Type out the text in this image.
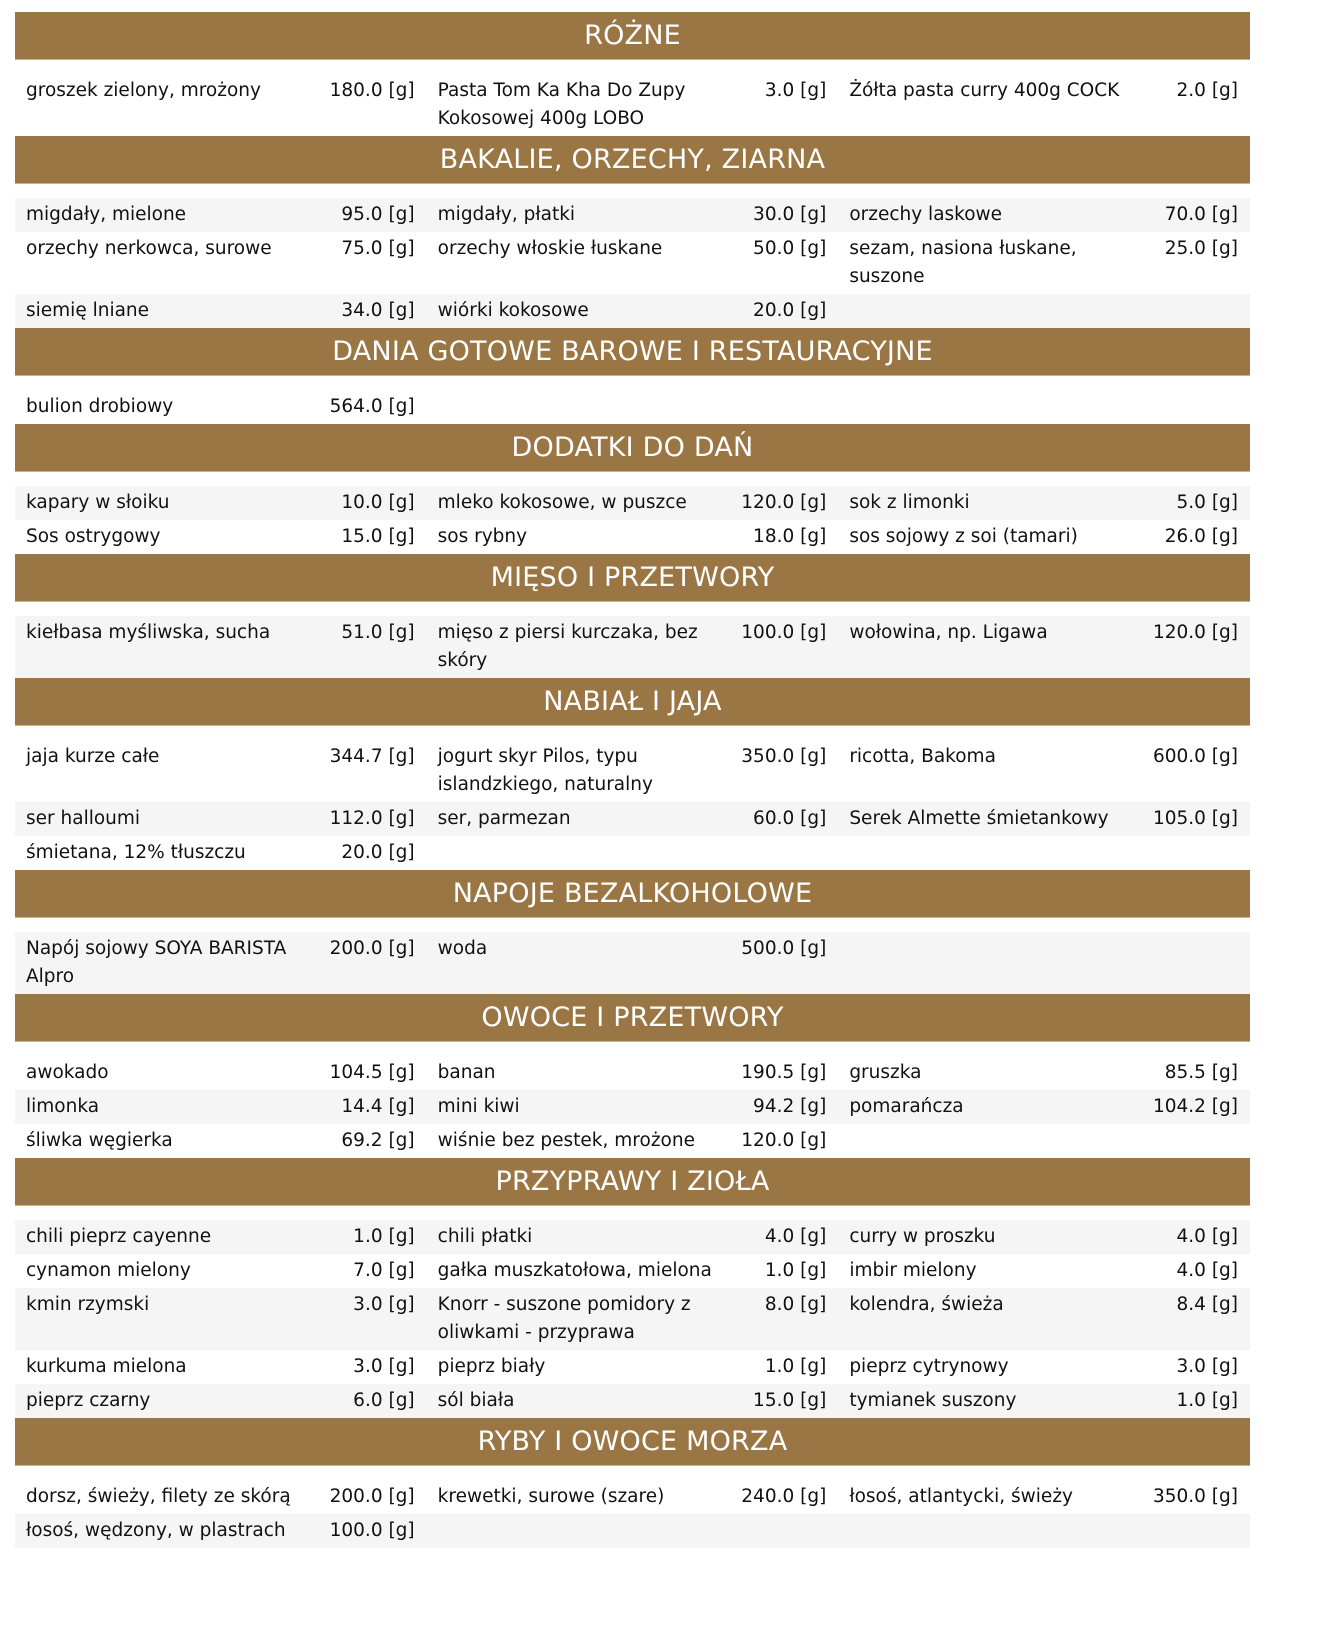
RÓŻNE					

groszek zielony, mrożony	180.0 [g]	Pasta Tom Ka Kha Do Zupy Kokosowej 400g LOBO	3.0 [g]	Żółta pasta curry 400g COCK	2.0 [g]
BAKALIE, ORZECHY, ZIARNA					

migdały, mielone	95.0 [g]	migdały, płatki	30.0 [g]	orzechy laskowe	70.0 [g]
orzechy nerkowca, surowe	75.0 [g]	orzechy włoskie łuskane	50.0 [g]	sezam, nasiona łuskane, suszone	25.0 [g]
siemię lniane	34.0 [g]	wiórki kokosowe	20.0 [g]		
DANIA GOTOWE BAROWE I RESTAURACYJNE					

bulion drobiowy	564.0 [g]				
DODATKI DO DAŃ					

kapary w słoiku	10.0 [g]	mleko kokosowe, w puszce	120.0 [g]	sok z limonki	5.0 [g]
Sos ostrygowy	15.0 [g]	sos rybny	18.0 [g]	sos sojowy z soi (tamari)	26.0 [g]
MIĘSO I PRZETWORY					

kiełbasa myśliwska, sucha	51.0 [g]	mięso z piersi kurczaka, bez skóry	100.0 [g]	wołowina, np. Ligawa	120.0 [g]
NABIAŁ I JAJA					

jaja kurze całe	344.7 [g]	jogurt skyr Pilos, typu islandzkiego, naturalny	350.0 [g]	ricotta, Bakoma	600.0 [g]
ser halloumi	112.0 [g]	ser, parmezan	60.0 [g]	Serek Almette śmietankowy	105.0 [g]
śmietana, 12% tłuszczu	20.0 [g]				
NAPOJE BEZALKOHOLOWE					

Napój sojowy SOYA BARISTA Alpro	200.0 [g]	woda	500.0 [g]		
OWOCE I PRZETWORY					

awokado	104.5 [g]	banan	190.5 [g]	gruszka	85.5 [g]
limonka	14.4 [g]	mini kiwi	94.2 [g]	pomarańcza	104.2 [g]
śliwka węgierka	69.2 [g]	wiśnie bez pestek, mrożone	120.0 [g]		
PRZYPRAWY I ZIOŁA					

chili pieprz cayenne	1.0 [g]	chili płatki	4.0 [g]	curry w proszku	4.0 [g]
cynamon mielony	7.0 [g]	gałka muszkatołowa, mielona	1.0 [g]	imbir mielony	4.0 [g]
kmin rzymski	3.0 [g]	Knorr - suszone pomidory z oliwkami - przyprawa	8.0 [g]	kolendra, świeża	8.4 [g]
kurkuma mielona	3.0 [g]	pieprz biały	1.0 [g]	pieprz cytrynowy	3.0 [g]
pieprz czarny	6.0 [g]	sól biała	15.0 [g]	tymianek suszony	1.0 [g]
RYBY I OWOCE MORZA					

dorsz, świeży, filety ze skórą	200.0 [g]	krewetki, surowe (szare)	240.0 [g]	łosoś, atlantycki, świeży	350.0 [g]
łosoś, wędzony, w plastrach	100.0 [g]				
